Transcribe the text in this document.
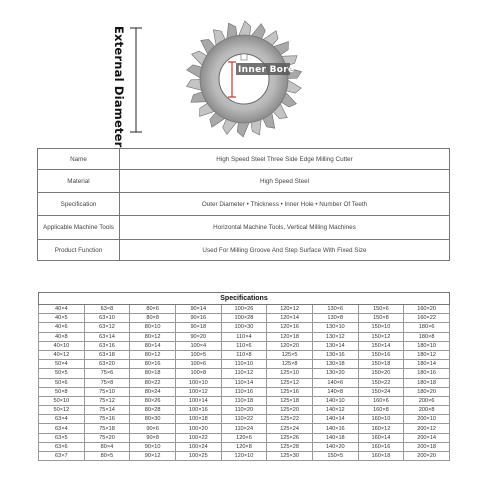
External Diameter	Inner Bore
Name	High Speed Steel Three Side Edge Milling Cutter
Material	High Speed Steel
Specification	Outer Diameter • Thickness • Inner Hole • Number Of Teeth
Applicable Machine Tools	Horizontal Machine Tools, Vertical Milling Machines
Product Function	Used For Milling Groove And Step Surface With Fixed Size
Specifications								
40×4	63×8	80×6	90×14	100×26	120×12	130×6	150×6	160×20
40×5	63×10	80×8	90×16	100×28	120×14	130×8	150×8	160×22
40×6	63×12	80×10	90×18	100×30	120×16	130×10	150×10	180×6
40×8	63×14	80×12	90×20	110×4	120×18	130×12	150×12	180×8
40×10	63×16	80×14	100×4	110×6	120×20	130×14	150×14	180×10
40×12	63×18	80×12	100×5	110×8	125×5	130×16	150×16	180×12
50×4	63×20	80×16	100×6	110×10	125×8	130×18	150×18	180×14
50×5	75×6	80×18	100×8	110×12	125×10	130×20	150×20	180×16
50×6	75×8	80×22	100×10	110×14	125×12	140×6	150×22	180×18
50×8	75×10	80×24	100×12	110×16	125×16	140×8	150×24	180×20
50×10	75×12	80×26	100×14	110×18	125×18	140×10	160×6	200×6
50×12	75×14	80×28	100×16	110×20	125×20	140×12	160×8	200×8
63×4	75×16	80×30	100×18	110×22	125×22	140×14	160×10	200×10
63×4	75×18	90×6	100×20	110×24	125×24	140×16	160×12	200×12
63×5	75×20	90×8	100×22	120×6	125×26	140×18	160×14	200×14
63×6	80×4	90×10	100×24	120×8	125×28	140×20	160×16	200×18
63×7	80×5	90×12	100×25	120×10	125×30	150×5	160×18	200×20
